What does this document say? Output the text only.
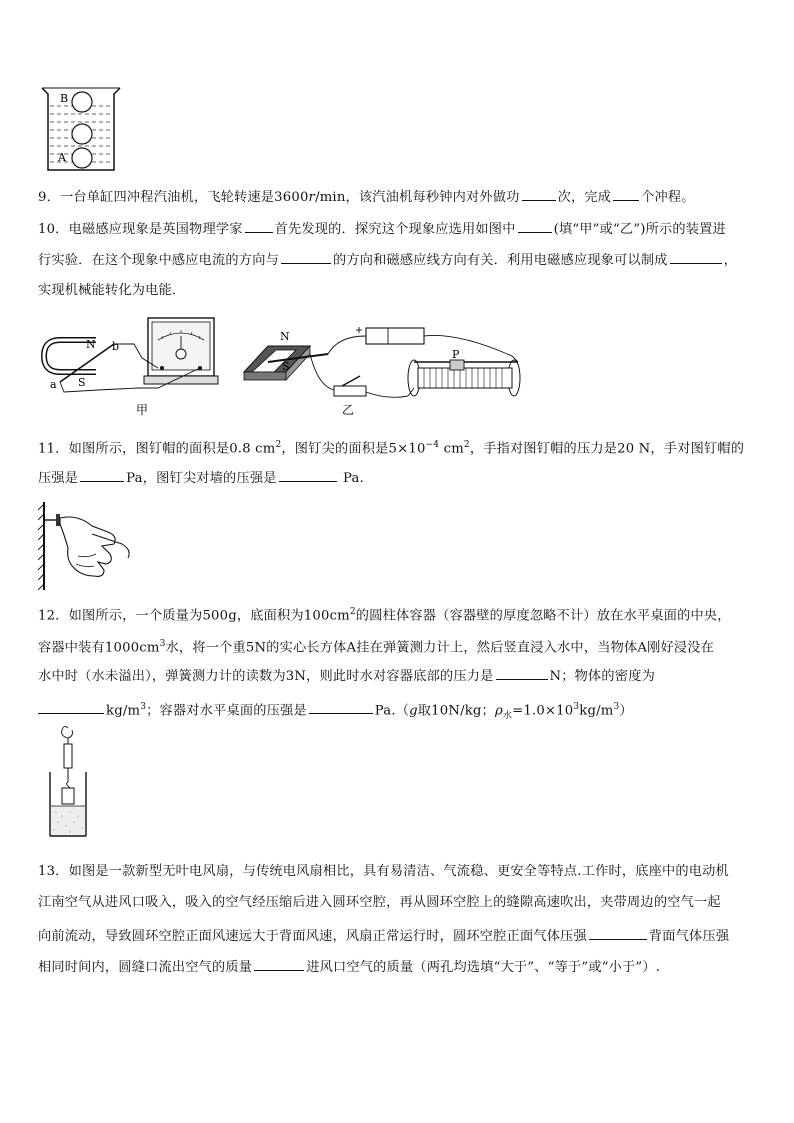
B
A
9．一台单缸四冲程汽油机，飞轮转速是3600r/min，该汽油机每秒钟内对外做功	次，完成 个冲程。
10．电磁感应现象是英国物理学家 首先发现的．探究这个现象应选用如图中	(填“甲”或“乙”)所示的装置进
行实验．在这个现象中感应电流的方向与	的方向和磁感应线方向有关．利用电磁感应现象可以制成	，
实现机械能转化为电能．
N b
a S
甲
N
S
P
乙
11．如图所示，图钉帽的面积是0.8 $cm^2$，图钉尖的面积是$5\times 10^{-4}$ $cm^2$，手指对图钉帽的压力是20 N，手对图钉帽的
压强是	Pa，图钉尖对墙的压强是	Pa.
12．如图所示，一个质量为500g，底面积为$100cm^2$的圆柱体容器（容器壁的厚度忽略不计）放在水平桌面的中央，
容器中装有$1000cm^3$水，将一个重5N的实心长方体A挂在弹簧测力计上，然后竖直浸入水中，当物体A刚好浸没在
水中时（水未溢出），弹簧测力计的读数为3N，则此时水对容器底部的压力是	N；物体的密度为
$kg/m^3$；容器对水平桌面的压强是	Pa.（g取10N/kg；$\rho_水=1.0\times 10^3kg/m^3$）
13．如图是一款新型无叶电风扇，与传统电风扇相比，具有易清洁、气流稳、更安全等特点.工作时，底座中的电动机
江南空气从进风口吸入，吸入的空气经压缩后进入圆环空腔，再从圆环空腔上的缝隙高速吹出，夹带周边的空气一起
向前流动，导致圆环空腔正面风速远大于背面风速，风扇正常运行时，圆环空腔正面气体压强	背面气体压强
相同时间内，圆缝口流出空气的质量	进风口空气的质量（两孔均选填“大于”、“等于”或“小于”）.
